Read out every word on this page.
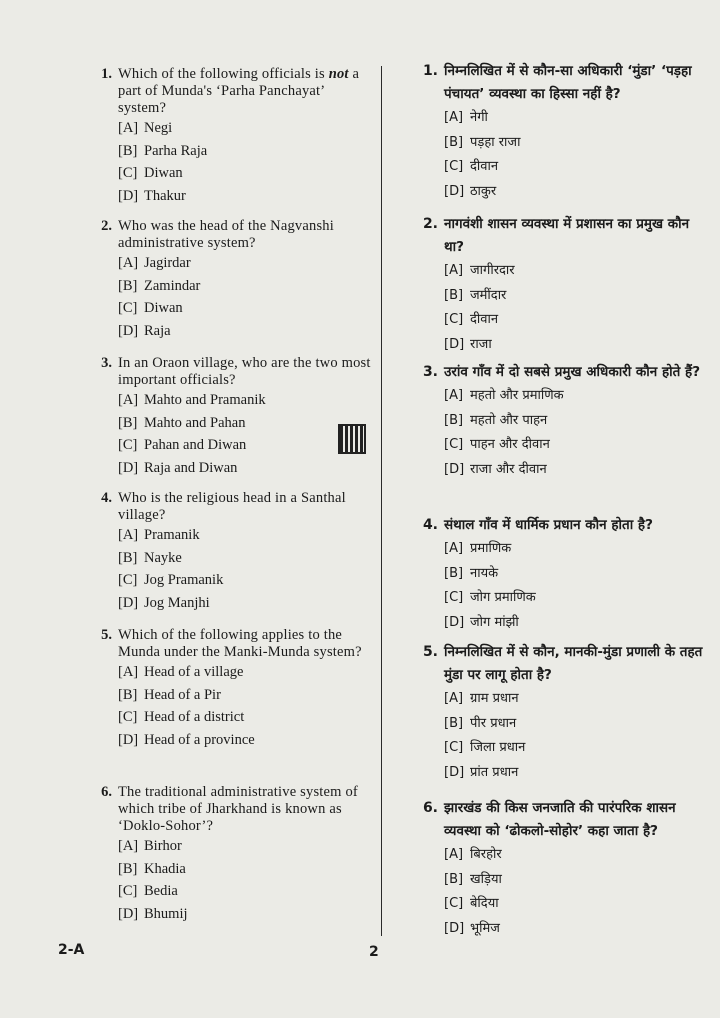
1. Which of the following officials is not a part of Munda's ‘Parha Panchayat’ system?
[A] Negi
[B] Parha Raja
[C] Diwan
[D] Thakur
2. Who was the head of the Nagvanshi administrative system?
[A] Jagirdar
[B] Zamindar
[C] Diwan
[D] Raja
3. In an Oraon village, who are the two most important officials?
[A] Mahto and Pramanik
[B] Mahto and Pahan
[C] Pahan and Diwan
[D] Raja and Diwan
4. Who is the religious head in a Santhal village?
[A] Pramanik
[B] Nayke
[C] Jog Pramanik
[D] Jog Manjhi
5. Which of the following applies to the Munda under the Manki-Munda system?
[A] Head of a village
[B] Head of a Pir
[C] Head of a district
[D] Head of a province
6. The traditional administrative system of which tribe of Jharkhand is known as ‘Doklo-Sohor’?
[A] Birhor
[B] Khadia
[C] Bedia
[D] Bhumij
1. निम्नलिखित में से कौन-सा अधिकारी ‘मुंडा’ ‘पड़हा पंचायत’ व्यवस्था का हिस्सा नहीं है?
[A] नेगी
[B] पड़हा राजा
[C] दीवान
[D] ठाकुर
2. नागवंशी शासन व्यवस्था में प्रशासन का प्रमुख कौन था?
[A] जागीरदार
[B] जमींदार
[C] दीवान
[D] राजा
3. उरांव गाँव में दो सबसे प्रमुख अधिकारी कौन होते हैं?
[A] महतो और प्रमाणिक
[B] महतो और पाहन
[C] पाहन और दीवान
[D] राजा और दीवान
4. संथाल गाँव में धार्मिक प्रधान कौन होता है?
[A] प्रमाणिक
[B] नायके
[C] जोग प्रमाणिक
[D] जोग मांझी
5. निम्नलिखित में से कौन, मानकी-मुंडा प्रणाली के तहत मुंडा पर लागू होता है?
[A] ग्राम प्रधान
[B] पीर प्रधान
[C] जिला प्रधान
[D] प्रांत प्रधान
6. झारखंड की किस जनजाति की पारंपरिक शासन व्यवस्था को ‘ढोकलो-सोहोर’ कहा जाता है?
[A] बिरहोर
[B] खड़िया
[C] बेदिया
[D] भूमिज
2-A	2
